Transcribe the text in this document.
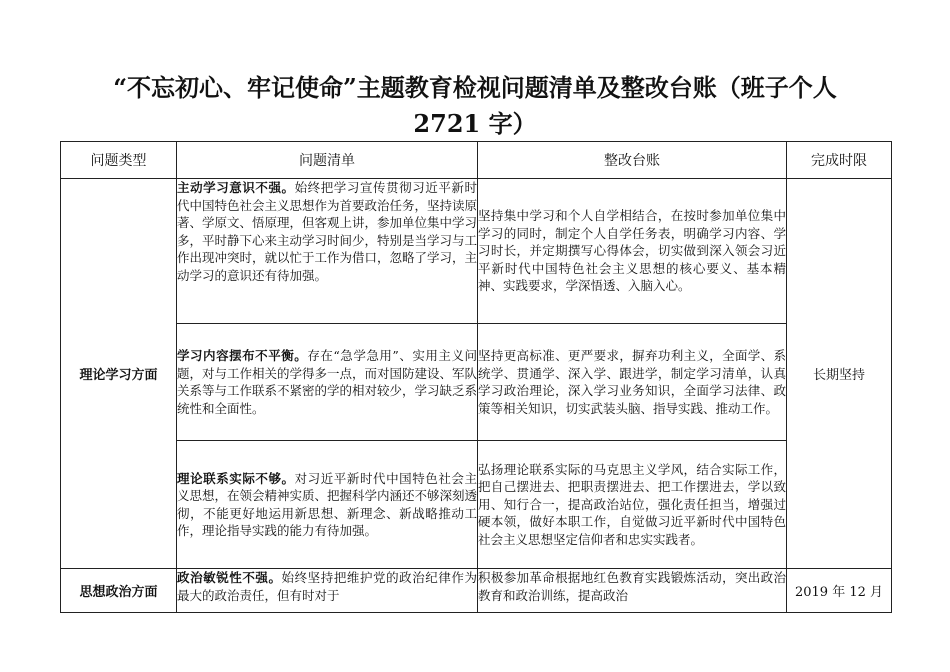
“不忘初心、牢记使命”主题教育检视问题清单及整改台账（班子个人
2721 字）
问题类型	问题清单	整改台账	完成时限
理论学习方面	主动学习意识不强。始终把学习宣传贯彻习近平新时代中国特色社会主义思想作为首要政治任务，坚持读原著、学原文、悟原理，但客观上讲，参加单位集中学习多，平时静下心来主动学习时间少，特别是当学习与工作出现冲突时，就以忙于工作为借口，忽略了学习，主动学习的意识还有待加强。	坚持集中学习和个人自学相结合，在按时参加单位集中学习的同时，制定个人自学任务表，明确学习内容、学习时长，并定期撰写心得体会，切实做到深入领会习近平新时代中国特色社会主义思想的核心要义、基本精神、实践要求，学深悟透、入脑入心。	长期坚持
	学习内容摆布不平衡。存在“急学急用”、实用主义问题，对与工作相关的学得多一点，而对国防建设、军队关系等与工作联系不紧密的学的相对较少，学习缺乏系统性和全面性。	坚持更高标准、更严要求，摒弃功利主义，全面学、系统学、贯通学、深入学、跟进学，制定学习清单，认真学习政治理论，深入学习业务知识，全面学习法律、政策等相关知识，切实武装头脑、指导实践、推动工作。	
	理论联系实际不够。对习近平新时代中国特色社会主义思想，在领会精神实质、把握科学内涵还不够深刻透彻，不能更好地运用新思想、新理念、新战略推动工作，理论指导实践的能力有待加强。	弘扬理论联系实际的马克思主义学风，结合实际工作，把自己摆进去、把职责摆进去、把工作摆进去，学以致用、知行合一，提高政治站位，强化责任担当，增强过硬本领，做好本职工作，自觉做习近平新时代中国特色社会主义思想坚定信仰者和忠实实践者。	
思想政治方面	政治敏锐性不强。始终坚持把维护党的政治纪律作为最大的政治责任，但有时对于	积极参加革命根据地红色教育实践锻炼活动，突出政治教育和政治训练，提高政治	2019 年 12 月
